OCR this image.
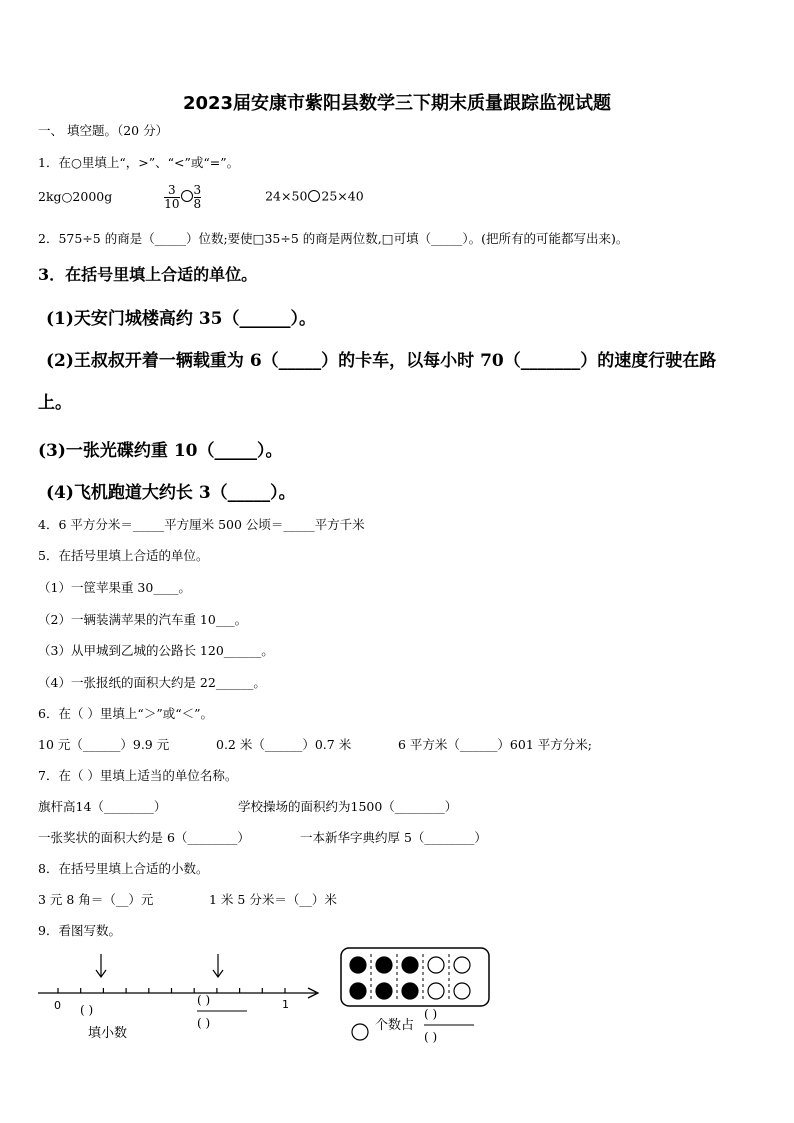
2023届安康市紫阳县数学三下期末质量跟踪监视试题
一、 填空题。（20 分）
1．在○里填上“，>”、“<”或“=”。
2kg○2000g	$\frac{3}{10} \frac{3}{8}$	24×50 25×40
2．575÷5 的商是（_____）位数;要使□35÷5 的商是两位数,□可填（_____）。(把所有的可能都写出来)。
3．在括号里填上合适的单位。
(1)天安门城楼高约 35（______）。
(2)王叔叔开着一辆载重为 6（_____）的卡车，以每小时 70（_______）的速度行驶在路
上。
(3)一张光碟约重 10（_____）。
(4)飞机跑道大约长 3（_____）。
4．6 平方分米＝_____平方厘米 500 公顷＝_____平方千米
5．在括号里填上合适的单位。
（1）一筐苹果重 30____。
（2）一辆装满苹果的汽车重 10___。
（3）从甲城到乙城的公路长 120______。
（4）一张报纸的面积大约是 22______。
6．在（ ）里填上“＞”或“＜”。
10 元（______）9.9 元	0.2 米（______）0.7 米	6 平方米（______）601 平方分米;
7．在（ ）里填上适当的单位名称。
旗杆高14（________）	学校操场的面积约为1500（________）
一张奖状的面积大约是 6（________）	一本新华字典约厚 5（________）
8．在括号里填上合适的小数。
3 元 8 角＝（__）元	1 米 5 分米＝（__）米
9．看图写数。
0	1
( )
( )
( )
填小数
个数占
( )
( )
